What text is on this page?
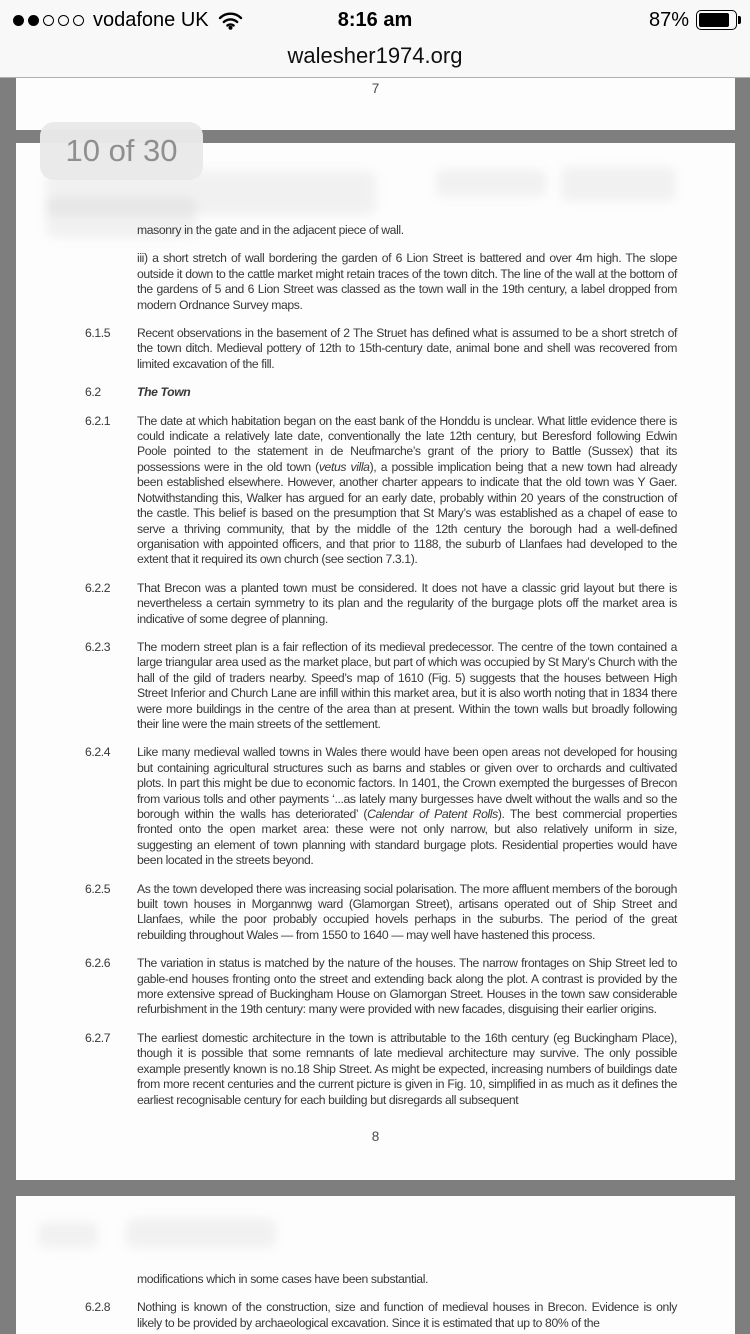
vodafone UK	8:16 am	87%
walesher1974.org
7
masonry in the gate and in the adjacent piece of wall.
iii) a short stretch of wall bordering the garden of 6 Lion Street is battered and over 4m high. The slope outside it down to the cattle market might retain traces of the town ditch. The line of the wall at the bottom of the gardens of 5 and 6 Lion Street was classed as the town wall in the 19th century, a label dropped from modern Ordnance Survey maps.
6.1.5	Recent observations in the basement of 2 The Struet has defined what is assumed to be a short stretch of the town ditch. Medieval pottery of 12th to 15th-century date, animal bone and shell was recovered from limited excavation of the fill.
6.2	The Town
6.2.1	The date at which habitation began on the east bank of the Honddu is unclear. What little evidence there is could indicate a relatively late date, conventionally the late 12th century, but Beresford following Edwin Poole pointed to the statement in de Neufmarche’s grant of the priory to Battle (Sussex) that its possessions were in the old town (vetus villa), a possible implication being that a new town had already been established elsewhere. However, another charter appears to indicate that the old town was Y Gaer. Notwithstanding this, Walker has argued for an early date, probably within 20 years of the construction of the castle. This belief is based on the presumption that St Mary’s was established as a chapel of ease to serve a thriving community, that by the middle of the 12th century the borough had a well-defined organisation with appointed officers, and that prior to 1188, the suburb of Llanfaes had developed to the extent that it required its own church (see section 7.3.1).
6.2.2	That Brecon was a planted town must be considered. It does not have a classic grid layout but there is nevertheless a certain symmetry to its plan and the regularity of the burgage plots off the market area is indicative of some degree of planning.
6.2.3	The modern street plan is a fair reflection of its medieval predecessor. The centre of the town contained a large triangular area used as the market place, but part of which was occupied by St Mary’s Church with the hall of the gild of traders nearby. Speed’s map of 1610 (Fig. 5) suggests that the houses between High Street Inferior and Church Lane are infill within this market area, but it is also worth noting that in 1834 there were more buildings in the centre of the area than at present. Within the town walls but broadly following their line were the main streets of the settlement.
6.2.4	Like many medieval walled towns in Wales there would have been open areas not developed for housing but containing agricultural structures such as barns and stables or given over to orchards and cultivated plots. In part this might be due to economic factors. In 1401, the Crown exempted the burgesses of Brecon from various tolls and other payments ‘...as lately many burgesses have dwelt without the walls and so the borough within the walls has deteriorated’ (Calendar of Patent Rolls). The best commercial properties fronted onto the open market area: these were not only narrow, but also relatively uniform in size, suggesting an element of town planning with standard burgage plots. Residential properties would have been located in the streets beyond.
6.2.5	As the town developed there was increasing social polarisation. The more affluent members of the borough built town houses in Morgannwg ward (Glamorgan Street), artisans operated out of Ship Street and Llanfaes, while the poor probably occupied hovels perhaps in the suburbs. The period of the great rebuilding throughout Wales — from 1550 to 1640 — may well have hastened this process.
6.2.6	The variation in status is matched by the nature of the houses. The narrow frontages on Ship Street led to gable-end houses fronting onto the street and extending back along the plot. A contrast is provided by the more extensive spread of Buckingham House on Glamorgan Street. Houses in the town saw considerable refurbishment in the 19th century: many were provided with new facades, disguising their earlier origins.
6.2.7	The earliest domestic architecture in the town is attributable to the 16th century (eg Buckingham Place), though it is possible that some remnants of late medieval architecture may survive. The only possible example presently known is no.18 Ship Street. As might be expected, increasing numbers of buildings date from more recent centuries and the current picture is given in Fig. 10, simplified in as much as it defines the earliest recognisable century for each building but disregards all subsequent
8
modifications which in some cases have been substantial.
6.2.8	Nothing is known of the construction, size and function of medieval houses in Brecon. Evidence is only likely to be provided by archaeological excavation. Since it is estimated that up to 80% of the
10 of 30
